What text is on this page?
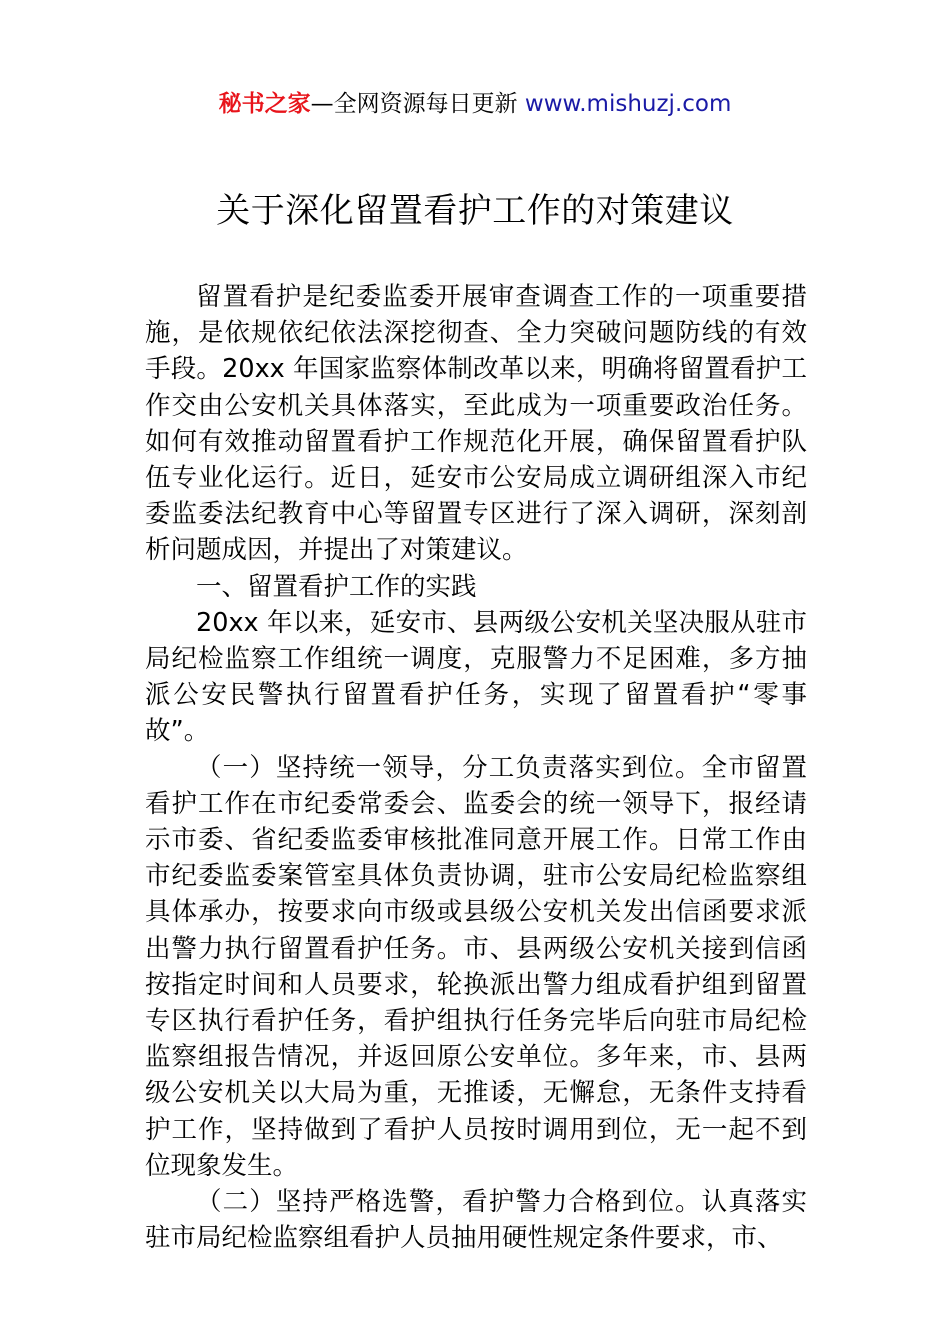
秘书之家—全网资源每日更新 www.mishuzj.com
关于深化留置看护工作的对策建议

留置看护是纪委监委开展审查调查工作的一项重要措施，是依规依纪依法深挖彻查、全力突破问题防线的有效手段。20xx 年国家监察体制改革以来，明确将留置看护工作交由公安机关具体落实，至此成为一项重要政治任务。如何有效推动留置看护工作规范化开展，确保留置看护队伍专业化运行。近日，延安市公安局成立调研组深入市纪委监委法纪教育中心等留置专区进行了深入调研，深刻剖析问题成因，并提出了对策建议。

一、留置看护工作的实践

20xx 年以来，延安市、县两级公安机关坚决服从驻市局纪检监察工作组统一调度，克服警力不足困难，多方抽派公安民警执行留置看护任务，实现了留置看护“零事故”。

（一）坚持统一领导，分工负责落实到位。全市留置看护工作在市纪委常委会、监委会的统一领导下，报经请示市委、省纪委监委审核批准同意开展工作。日常工作由市纪委监委案管室具体负责协调，驻市公安局纪检监察组具体承办，按要求向市级或县级公安机关发出信函要求派出警力执行留置看护任务。市、县两级公安机关接到信函按指定时间和人员要求，轮换派出警力组成看护组到留置专区执行看护任务，看护组执行任务完毕后向驻市局纪检监察组报告情况，并返回原公安单位。多年来，市、县两级公安机关以大局为重，无推诿，无懈怠，无条件支持看护工作，坚持做到了看护人员按时调用到位，无一起不到位现象发生。

（二）坚持严格选警，看护警力合格到位。认真落实驻市局纪检监察组看护人员抽用硬性规定条件要求，市、
